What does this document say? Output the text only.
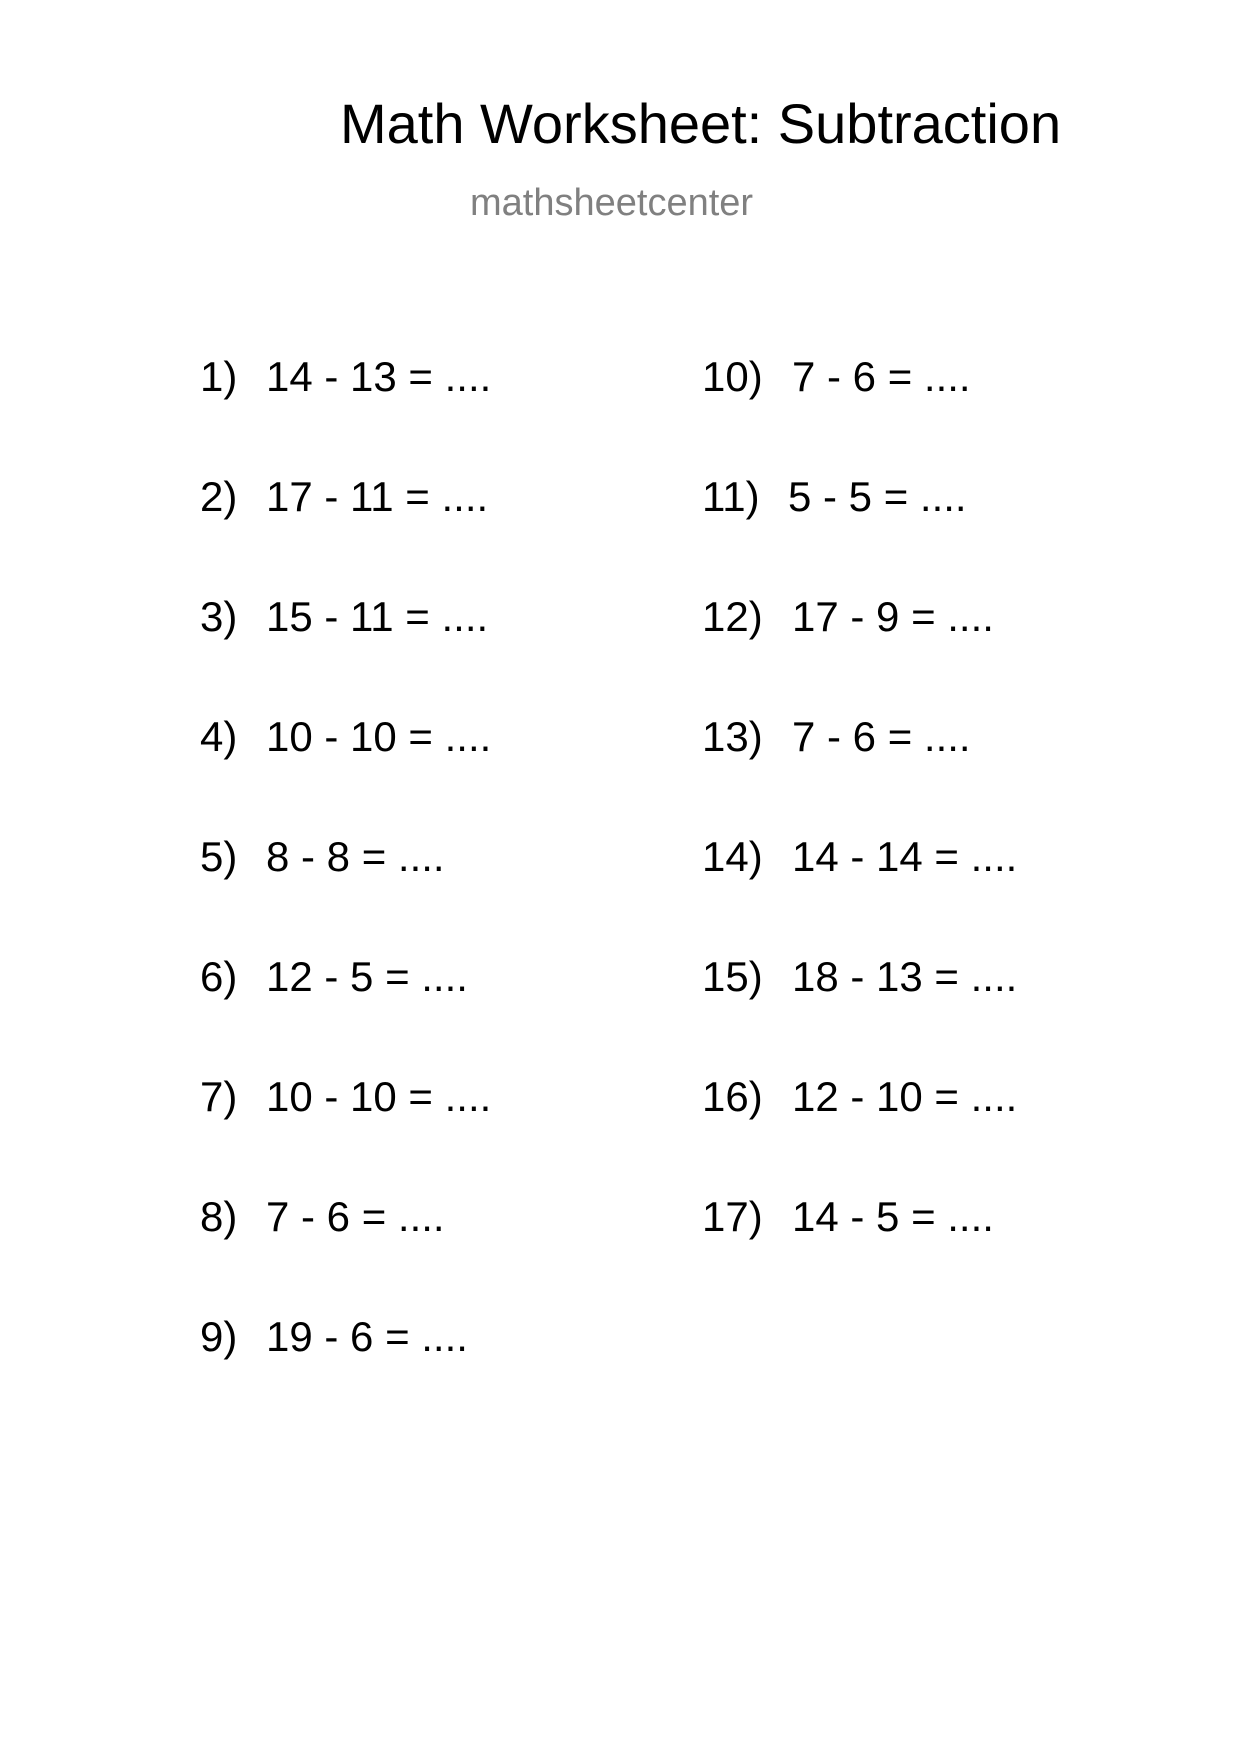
Math Worksheet: Subtraction
mathsheetcenter
1) 14 - 13 = ....
2) 17 - 11 = ....
3) 15 - 11 = ....
4) 10 - 10 = ....
5) 8 - 8 = ....
6) 12 - 5 = ....
7) 10 - 10 = ....
8) 7 - 6 = ....
9) 19 - 6 = ....
10) 7 - 6 = ....
11) 5 - 5 = ....
12) 17 - 9 = ....
13) 7 - 6 = ....
14) 14 - 14 = ....
15) 18 - 13 = ....
16) 12 - 10 = ....
17) 14 - 5 = ....
